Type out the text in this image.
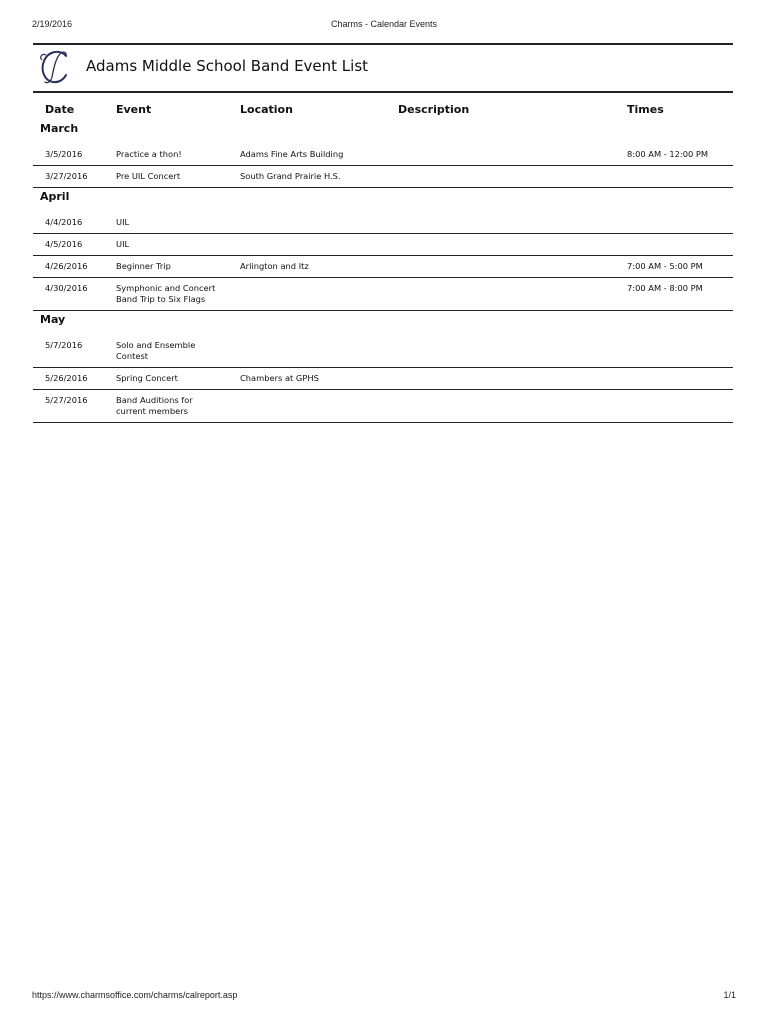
2/19/2016	Charms - Calendar Events
Adams Middle School Band Event List
Date	Event	Location	Description	Times
March				
3/5/2016	Practice a thon!	Adams Fine Arts Building		8:00 AM - 12:00 PM
3/27/2016	Pre UIL Concert	South Grand Prairie H.S.		
April				
4/4/2016	UIL			
4/5/2016	UIL			
4/26/2016	Beginner Trip	Arlington and Itz		7:00 AM - 5:00 PM
4/30/2016	Symphonic and Concert Band Trip to Six Flags			7:00 AM - 8:00 PM
May				
5/7/2016	Solo and Ensemble Contest			
5/26/2016	Spring Concert	Chambers at GPHS		
5/27/2016	Band Auditions for current members			
https://www.charmsoffice.com/charms/calreport.asp	1/1
